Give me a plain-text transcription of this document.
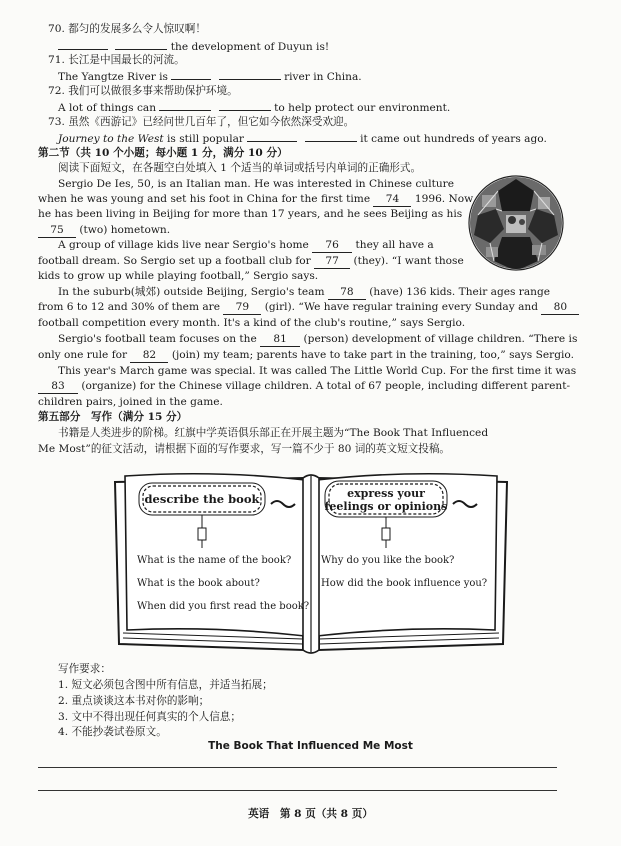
70. 都匀的发展多么令人惊叹啊！
the development of Duyun is!
71. 长江是中国最长的河流。
The Yangtze River is	river in China.
72. 我们可以做很多事来帮助保护环境。
A lot of things can	to help protect our environment.
73. 虽然《西游记》已经问世几百年了，但它如今依然深受欢迎。
Journey to the West is still popular	it came out hundreds of years ago.
第二节（共 10 个小题；每小题 1 分，满分 10 分）
阅读下面短文，在各题空白处填入 1 个适当的单词或括号内单词的正确形式。
Sergio De Ies, 50, is an Italian man. He was interested in Chinese culture
when he was young and set his foot in China for the first time 74 1996. Now
he has been living in Beijing for more than 17 years, and he sees Beijing as his
75 (two) hometown.
A group of village kids live near Sergio's home 76 they all have a
football dream. So Sergio set up a football club for 77 (they). “I want those
kids to grow up while playing football,” Sergio says.
In the suburb(城郊) outside Beijing, Sergio's team 78 (have) 136 kids. Their ages range
from 6 to 12 and 30% of them are 79 (girl). “We have regular training every Sunday and 80
football competition every month. It's a kind of the club's routine,” says Sergio.
Sergio's football team focuses on the 81 (person) development of village children. “There is
only one rule for 82 (join) my team; parents have to take part in the training, too,” says Sergio.
This year's March game was special. It was called The Little World Cup. For the first time it was
83 (organize) for the Chinese village children. A total of 67 people, including different parent-
children pairs, joined in the game.
第五部分　写作（满分 15 分）
书籍是人类进步的阶梯。红旗中学英语俱乐部正在开展主题为“The Book That Influenced
Me Most”的征文活动，请根据下面的写作要求，写一篇不少于 80 词的英文短文投稿。
describe the book
What is the name of the book?
What is the book about?
When did you first read the book?
express your
feelings or opinions
Why do you like the book?
How did the book influence you?
写作要求：
1. 短文必须包含图中所有信息，并适当拓展；
2. 重点谈谈这本书对你的影响；
3. 文中不得出现任何真实的个人信息；
4. 不能抄袭试卷原文。
The Book That Influenced Me Most
英语　第 8 页（共 8 页）
